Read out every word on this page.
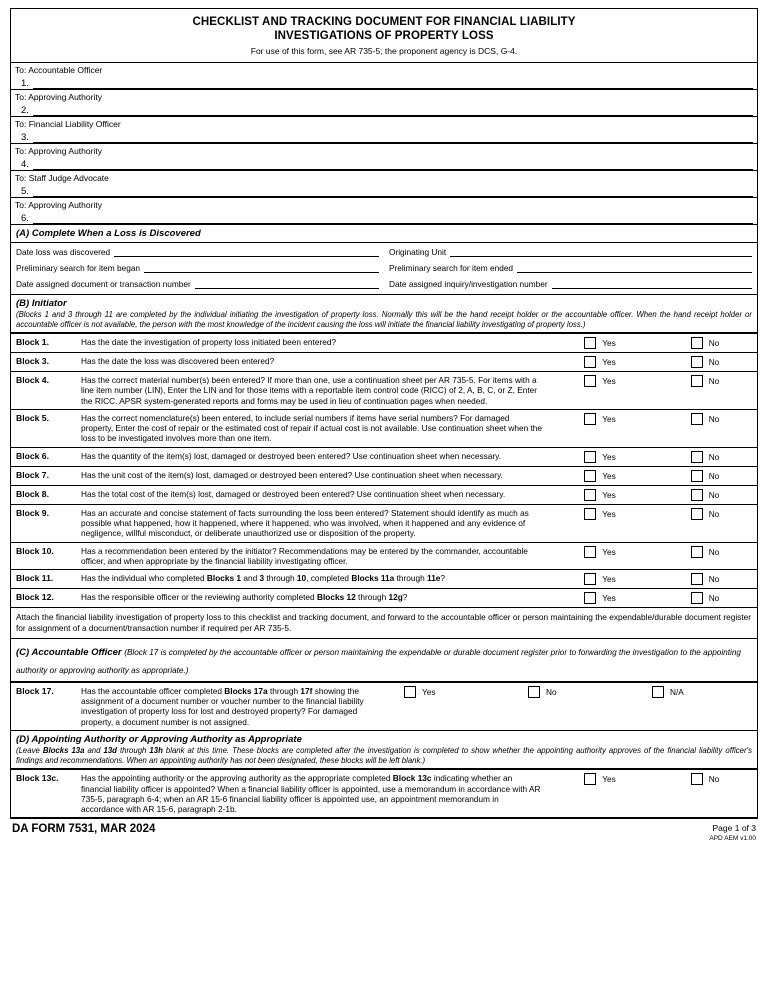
CHECKLIST AND TRACKING DOCUMENT FOR FINANCIAL LIABILITY
INVESTIGATIONS OF PROPERTY LOSS
For use of this form, see AR 735-5; the proponent agency is DCS, G-4.
To: Accountable Officer
1.
To: Approving Authority
2.
To: Financial Liability Officer
3.
To: Approving Authority
4.
To: Staff Judge Advocate
5.
To: Approving Authority
6.
(A) Complete When a Loss is Discovered
Date loss was discovered	Originating Unit
Preliminary search for item began	Preliminary search for item ended
Date assigned document or transaction number	Date assigned inquiry/investigation number
(B) Initiator
(Blocks 1 and 3 through 11 are completed by the individual initiating the investigation of property loss. Normally this will be the hand receipt holder or the accountable officer. When the hand receipt holder or accountable officer is not available, the person with the most knowledge of the incident causing the loss will initiate the financial liability investigating of property loss.)
Block 1.	Has the date the investigation of property loss initiated been entered?	Yes	No

Block 3.	Has the date the loss was discovered been entered?	Yes	No

Block 4.	Has the correct material number(s) been entered? If more than one, use a continuation sheet per AR 735-5. For items with a line item number (LIN), Enter the LIN and for those items with a reportable item control code (RICC) of 2, A, B, C, or Z, Enter the RICC. APSR system-generated reports and forms may be used in lieu of continuation pages when needed.	Yes	No

Block 5.	Has the correct nomenclature(s) been entered, to include serial numbers if items have serial numbers? For damaged property, Enter the cost of repair or the estimated cost of repair if actual cost is not available. Use continuation sheet when the loss to be investigated involves more than one item.	Yes	No

Block 6.	Has the quantity of the item(s) lost, damaged or destroyed been entered? Use continuation sheet when necessary.	Yes	No

Block 7.	Has the unit cost of the item(s) lost, damaged or destroyed been entered? Use continuation sheet when necessary.	Yes	No

Block 8.	Has the total cost of the item(s) lost, damaged or destroyed been entered? Use continuation sheet when necessary.	Yes	No

Block 9.	Has an accurate and concise statement of facts surrounding the loss been entered? Statement should identify as much as possible what happened, how it happened, where it happened, who was involved, when it happened and any evidence of negligence, willful misconduct, or deliberate unauthorized use or disposition of the property.	Yes	No

Block 10.	Has a recommendation been entered by the initiator? Recommendations may be entered by the commander, accountable officer, and when appropriate by the financial liability investigating officer.	Yes	No

Block 11.	Has the individual who completed Blocks 1 and 3 through 10, completed Blocks 11a through 11e?	Yes	No

Block 12.	Has the responsible officer or the reviewing authority completed Blocks 12 through 12g?	Yes	No
Attach the financial liability investigation of property loss to this checklist and tracking document, and forward to the accountable officer or person maintaining the expendable/durable document register for assignment of a document/transaction number if required per AR 735-5.
(C) Accountable Officer (Block 17 is completed by the accountable officer or person maintaining the expendable or durable document register prior to forwarding the investigation to the appointing authority or approving authority as appropriate.)
Block 17.	Has the accountable officer completed Blocks 17a through 17f showing the assignment of a document number or voucher number to the financial liability investigation of property loss for lost and destroyed property? For damaged property, a document number is not assigned.	
Yes	No	N/A
(D) Appointing Authority or Approving Authority as Appropriate
(Leave Blocks 13a and 13d through 13h blank at this time. These blocks are completed after the investigation is completed to show whether the appointing authority approves of the financial liability officer's findings and recommendations. When an appointing authority has not been designated, these blocks will be left blank.)
Block 13c.	Has the appointing authority or the approving authority as the appropriate completed Block 13c indicating whether an financial liability officer is appointed? When a financial liability officer is appointed, use a memorandum in accordance with AR 735-5, paragraph 6-4; when an AR 15-6 financial liability officer is appointed use, an appointment memorandum in accordance with AR 15-6, paragraph 2-1b.	
Yes	No
DA FORM 7531, MAR 2024	Page 1 of 3
APD AEM v1.00
